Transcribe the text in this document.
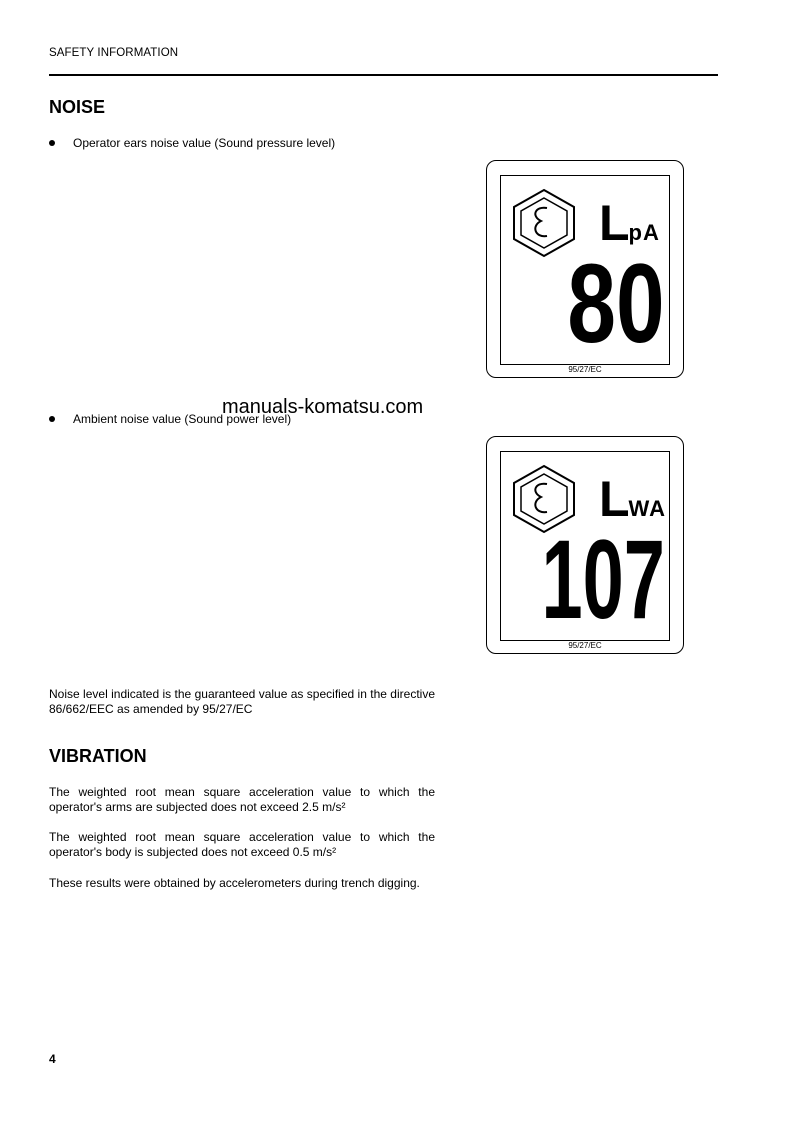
SAFETY INFORMATION
NOISE
Operator ears noise value (Sound pressure level)
LpA
80
95/27/EC
manuals-komatsu.com
Ambient noise value (Sound power level)
LWA
107
95/27/EC

Noise level indicated is the guaranteed value as specified in the directive 86/662/EEC as amended by 95/27/EC

VIBRATION

The weighted root mean square acceleration value to which the operator's arms are subjected does not exceed 2.5 m/s²

The weighted root mean square acceleration value to which the operator's body is subjected does not exceed 0.5 m/s²

These results were obtained by accelerometers during trench digging.

4
